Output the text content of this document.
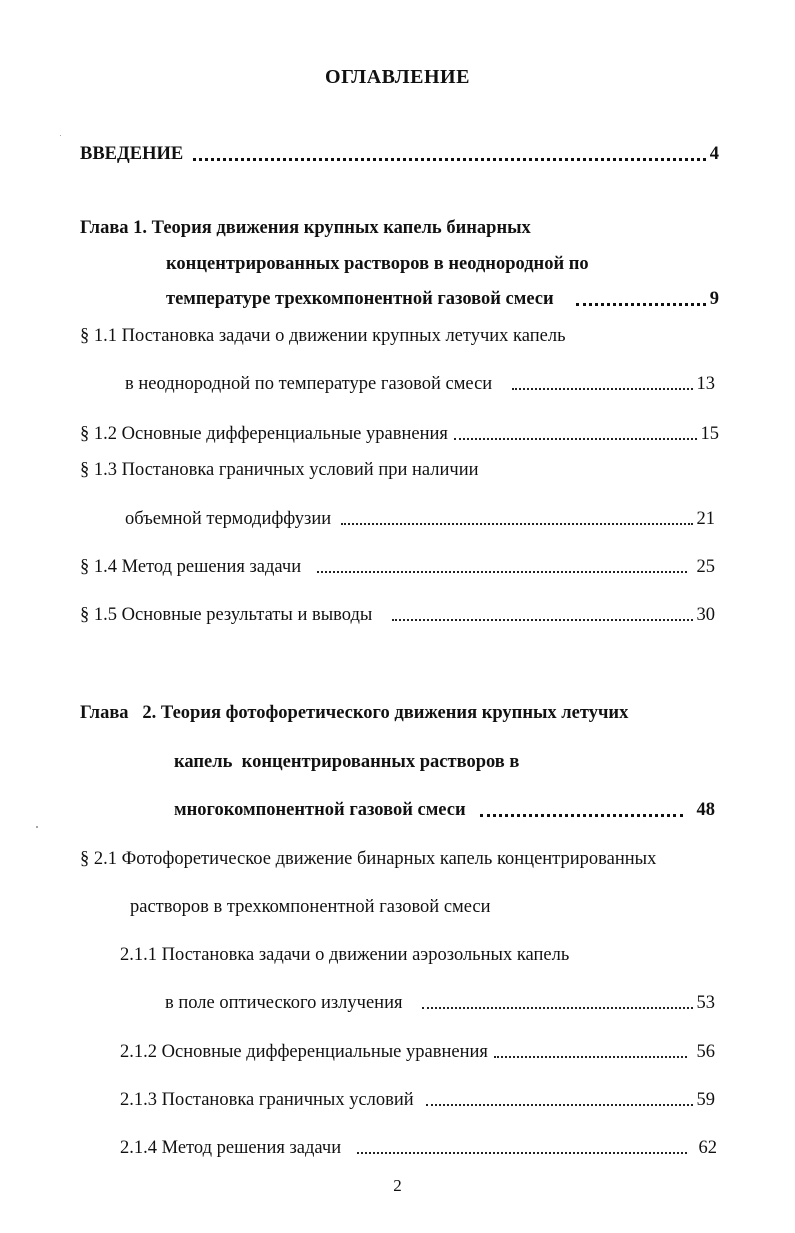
ОГЛАВЛЕНИЕ
ВВЕДЕНИЕ	4
Глава 1. Теория движения крупных капель бинарных
концентрированных растворов в неоднородной по
температуре трехкомпонентной газовой смеси	9
§ 1.1 Постановка задачи о движении крупных летучих капель
в неоднородной по температуре газовой смеси	13
§ 1.2 Основные дифференциальные уравнения	15
§ 1.3 Постановка граничных условий при наличии
объемной термодиффузии	21
§ 1.4 Метод решения задачи	25
§ 1.5 Основные результаты и выводы	30
Глава   2. Теория фотофоретического движения крупных летучих
капель  концентрированных растворов в
многокомпонентной газовой смеси	48
§ 2.1 Фотофоретическое движение бинарных капель концентрированных
растворов в трехкомпонентной газовой смеси
2.1.1 Постановка задачи о движении аэрозольных капель
в поле оптического излучения	53
2.1.2 Основные дифференциальные уравнения	56
2.1.3 Постановка граничных условий	59
2.1.4 Метод решения задачи	62
2
